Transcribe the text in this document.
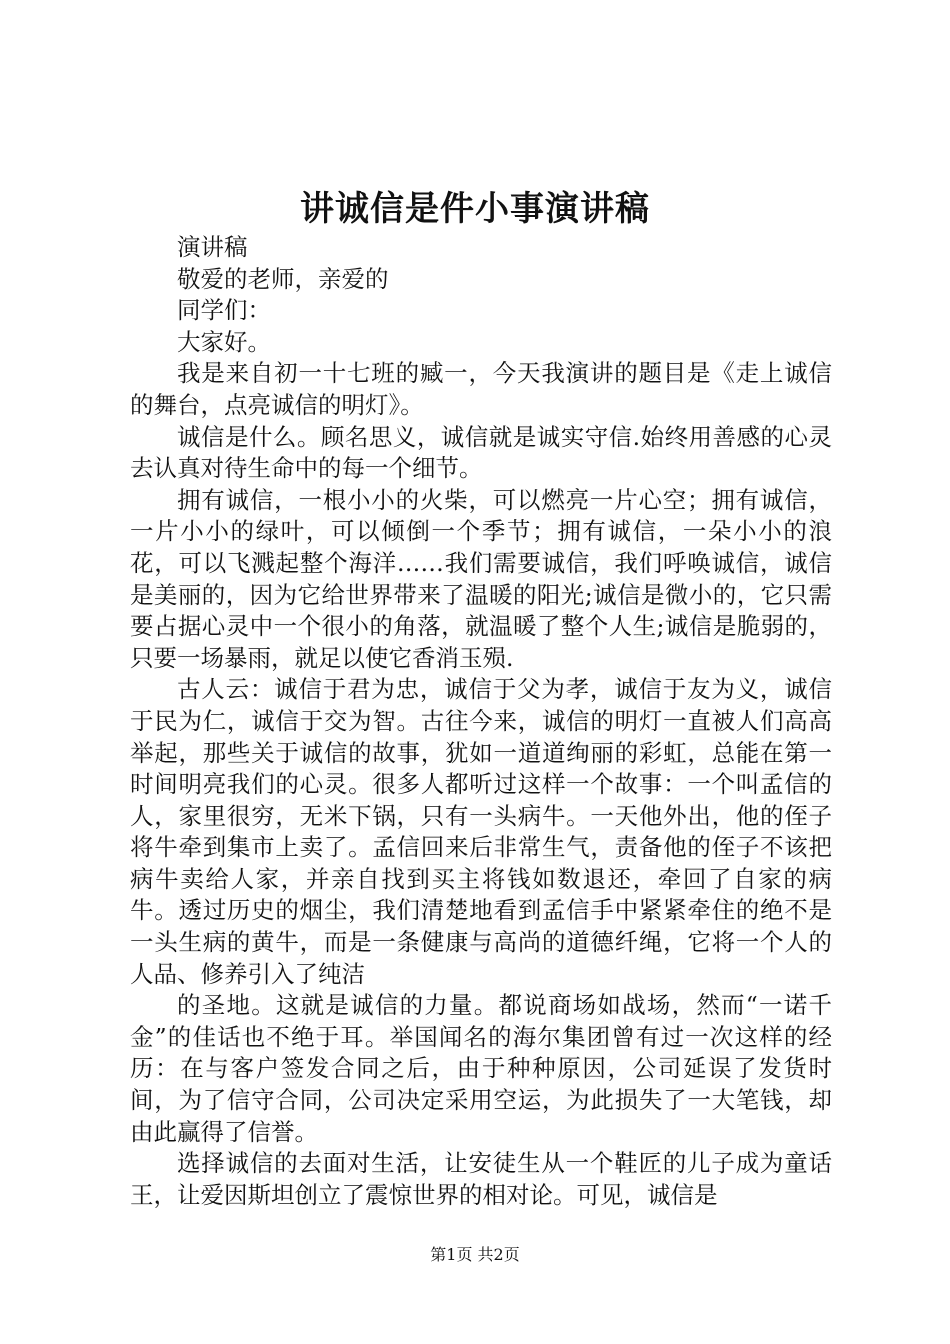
讲诚信是件小事演讲稿

演讲稿

敬爱的老师，亲爱的

同学们：

大家好。

我是来自初一十七班的臧一，今天我演讲的题目是《走上诚信的舞台，点亮诚信的明灯》。

诚信是什么。顾名思义，诚信就是诚实守信.始终用善感的心灵去认真对待生命中的每一个细节。

拥有诚信，一根小小的火柴，可以燃亮一片心空；拥有诚信，一片小小的绿叶，可以倾倒一个季节；拥有诚信，一朵小小的浪花，可以飞溅起整个海洋……我们需要诚信，我们呼唤诚信，诚信是美丽的，因为它给世界带来了温暖的阳光;诚信是微小的，它只需要占据心灵中一个很小的角落，就温暖了整个人生;诚信是脆弱的，只要一场暴雨，就足以使它香消玉殒.

古人云：诚信于君为忠，诚信于父为孝，诚信于友为义，诚信于民为仁，诚信于交为智。古往今来，诚信的明灯一直被人们高高举起，那些关于诚信的故事，犹如一道道绚丽的彩虹，总能在第一时间明亮我们的心灵。很多人都听过这样一个故事：一个叫孟信的人，家里很穷，无米下锅，只有一头病牛。一天他外出，他的侄子将牛牵到集市上卖了。孟信回来后非常生气，责备他的侄子不该把病牛卖给人家，并亲自找到买主将钱如数退还，牵回了自家的病牛。透过历史的烟尘，我们清楚地看到孟信手中紧紧牵住的绝不是一头生病的黄牛，而是一条健康与高尚的道德纤绳，它将一个人的人品、修养引入了纯洁

的圣地。这就是诚信的力量。都说商场如战场，然而“一诺千金”的佳话也不绝于耳。举国闻名的海尔集团曾有过一次这样的经历：在与客户签发合同之后，由于种种原因，公司延误了发货时间，为了信守合同，公司决定采用空运，为此损失了一大笔钱，却由此赢得了信誉。

选择诚信的去面对生活，让安徒生从一个鞋匠的儿子成为童话王，让爱因斯坦创立了震惊世界的相对论。可见，诚信是

第1页 共2页
